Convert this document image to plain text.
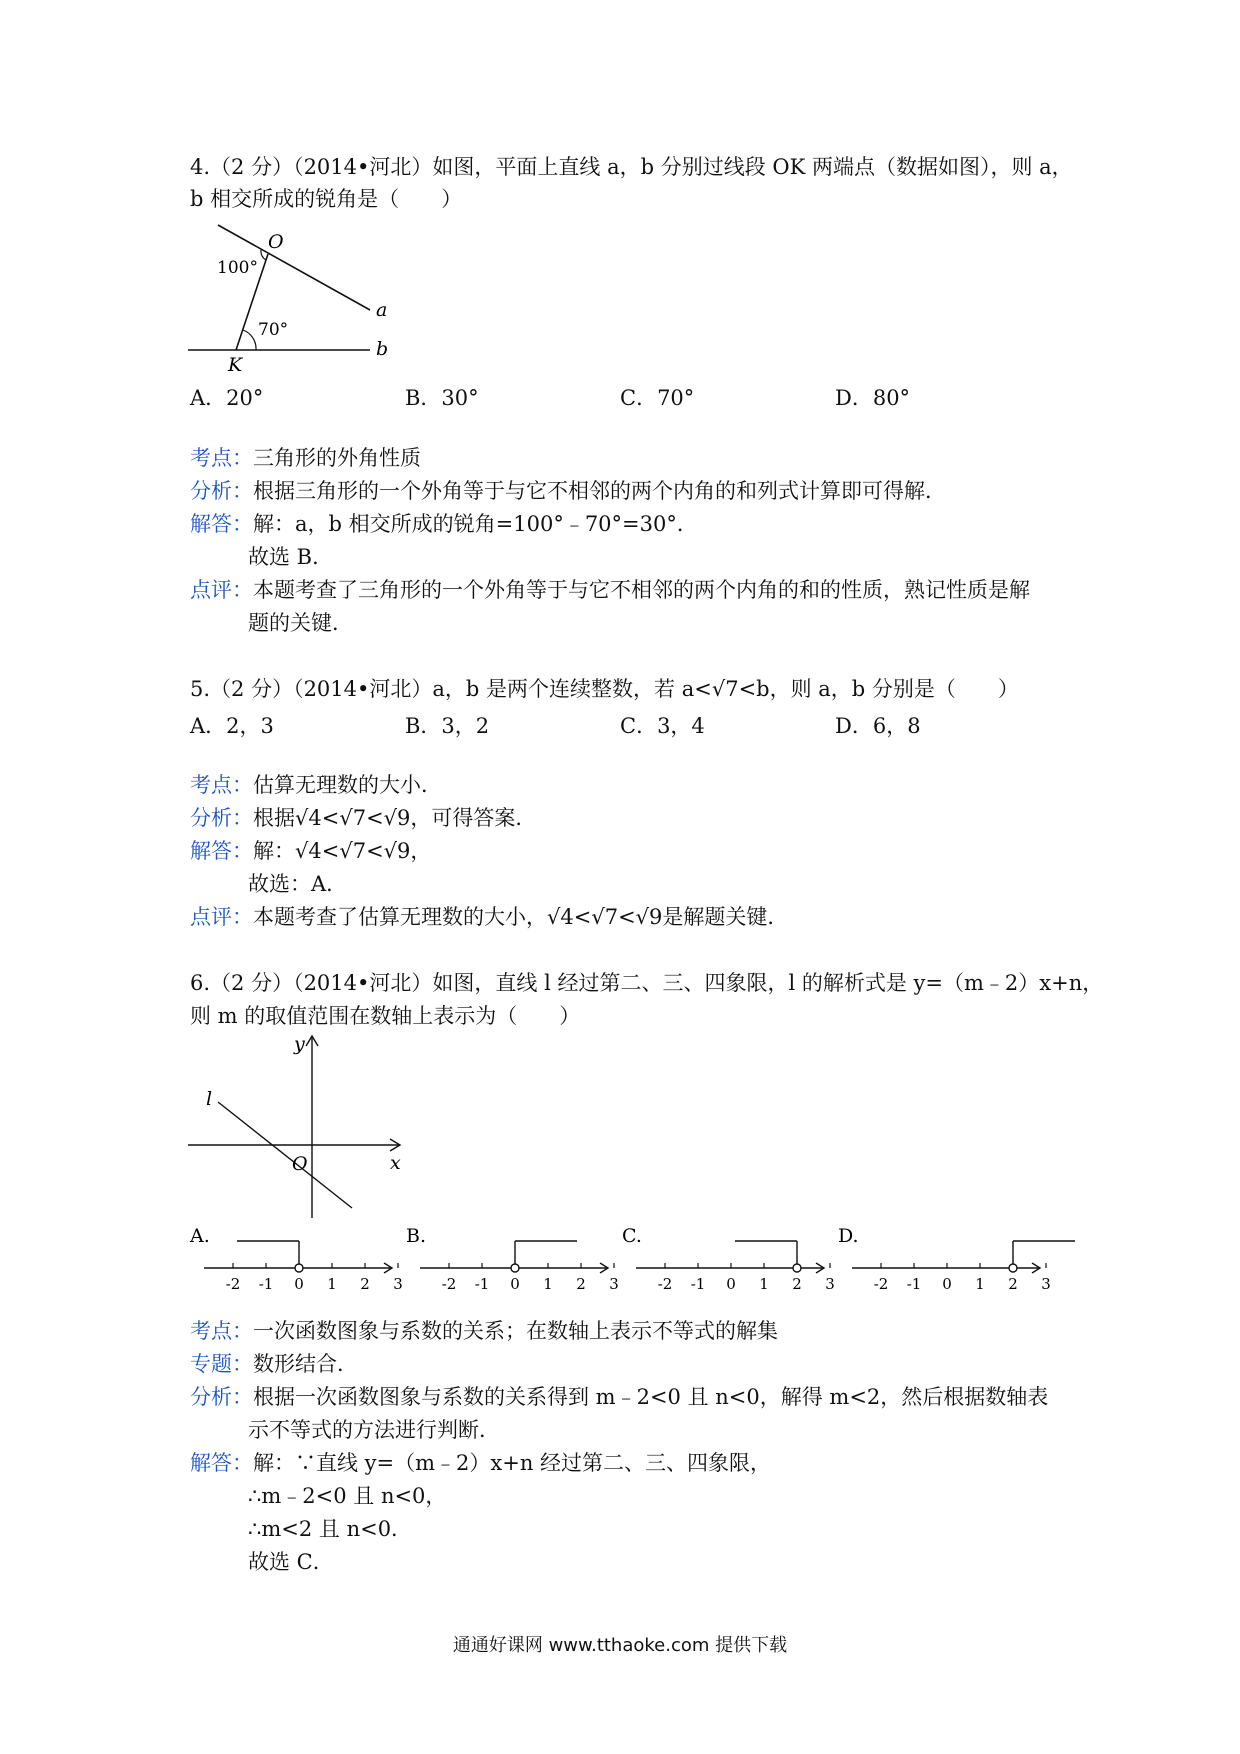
4.（2 分）（2014•河北）如图，平面上直线 a，b 分别过线段 OK 两端点（数据如图），则 a，
b 相交所成的锐角是（　　）
O
100°
a
70°
b
K
A．20°	B．30°	C．70°	D．80°
考点：三角形的外角性质
分析：根据三角形的一个外角等于与它不相邻的两个内角的和列式计算即可得解．
解答：解：a，b 相交所成的锐角=100°﹣70°=30°．
故选 B．
点评：本题考查了三角形的一个外角等于与它不相邻的两个内角的和的性质，熟记性质是解
题的关键．
5.（2 分）（2014•河北）a，b 是两个连续整数，若 a<√7<b，则 a，b 分别是（　　）
A．2，3	B．3，2	C．3，4	D．6，8
考点：估算无理数的大小．
分析：根据√4<√7<√9，可得答案．
解答：解：√4<√7<√9，
故选：A．
点评：本题考查了估算无理数的大小，√4<√7<√9是解题关键．
6.（2 分）（2014•河北）如图，直线 l 经过第二、三、四象限，l 的解析式是 y=（m﹣2）x+n，
则 m 的取值范围在数轴上表示为（　　）
y
l
O	x
A.
-2 -1 0 1 2 3
B.
-2 -1 0 1 2 3
C.
-2 -1 0 1 2 3
D.
-2 -1 0 1 2 3
考点：一次函数图象与系数的关系；在数轴上表示不等式的解集
专题：数形结合．
分析：根据一次函数图象与系数的关系得到 m﹣2<0 且 n<0，解得 m<2，然后根据数轴表
示不等式的方法进行判断．
解答：解：∵直线 y=（m﹣2）x+n 经过第二、三、四象限，
∴m﹣2<0 且 n<0，
∴m<2 且 n<0．
故选 C．
通通好课网 www.tthaoke.com 提供下载
